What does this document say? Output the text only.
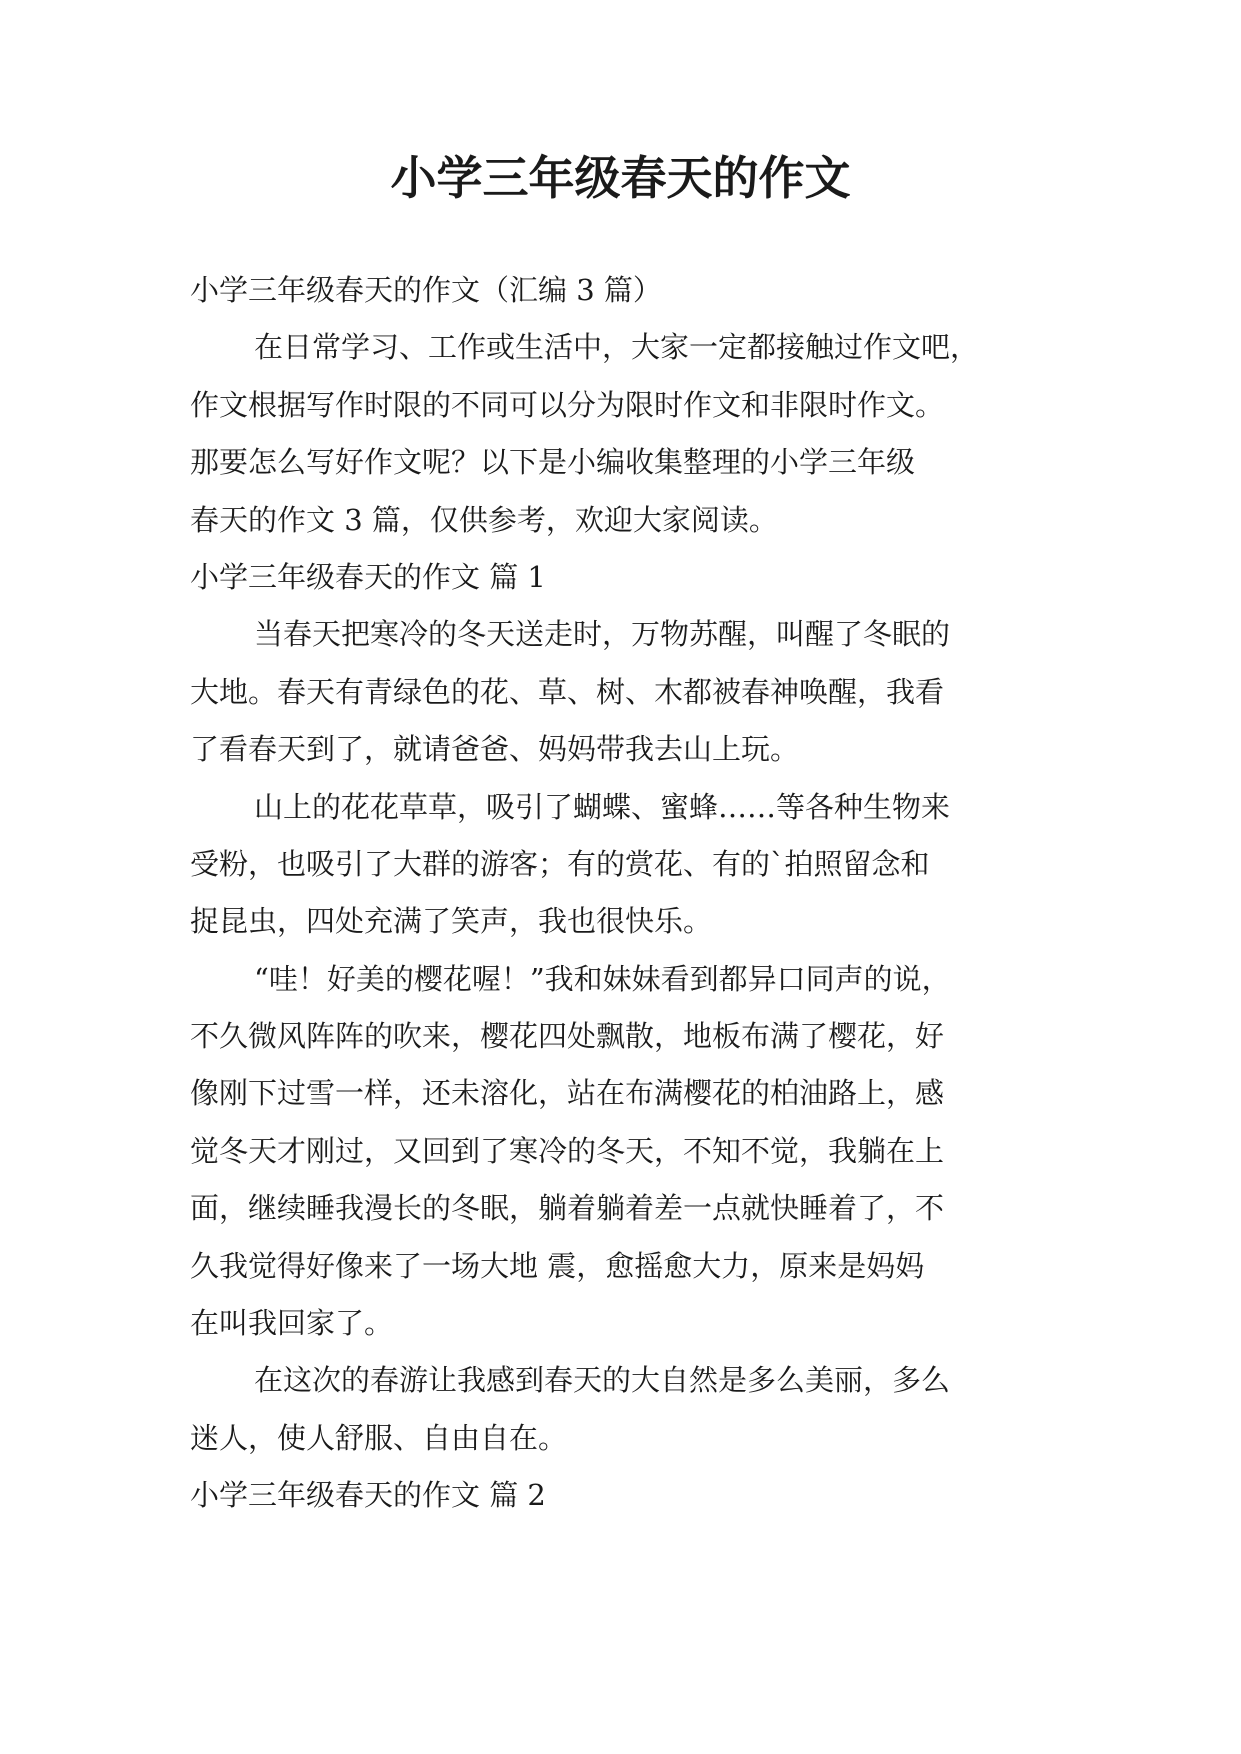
小学三年级春天的作文
小学三年级春天的作文（汇编 3 篇）
在日常学习、工作或生活中，大家一定都接触过作文吧，
作文根据写作时限的不同可以分为限时作文和非限时作文。
那要怎么写好作文呢？以下是小编收集整理的小学三年级
春天的作文 3 篇，仅供参考，欢迎大家阅读。
小学三年级春天的作文 篇 1
当春天把寒冷的冬天送走时，万物苏醒，叫醒了冬眠的
大地。春天有青绿色的花、草、树、木都被春神唤醒，我看
了看春天到了，就请爸爸、妈妈带我去山上玩。
山上的花花草草，吸引了蝴蝶、蜜蜂……等各种生物来
受粉，也吸引了大群的游客；有的赏花、有的`拍照留念和
捉昆虫，四处充满了笑声，我也很快乐。
“哇！好美的樱花喔！”我和妹妹看到都异口同声的说，
不久微风阵阵的吹来，樱花四处飘散，地板布满了樱花，好
像刚下过雪一样，还未溶化，站在布满樱花的柏油路上，感
觉冬天才刚过，又回到了寒冷的冬天，不知不觉，我躺在上
面，继续睡我漫长的冬眠，躺着躺着差一点就快睡着了，不
久我觉得好像来了一场大地 震，愈摇愈大力，原来是妈妈
在叫我回家了。
在这次的春游让我感到春天的大自然是多么美丽，多么
迷人，使人舒服、自由自在。
小学三年级春天的作文 篇 2
